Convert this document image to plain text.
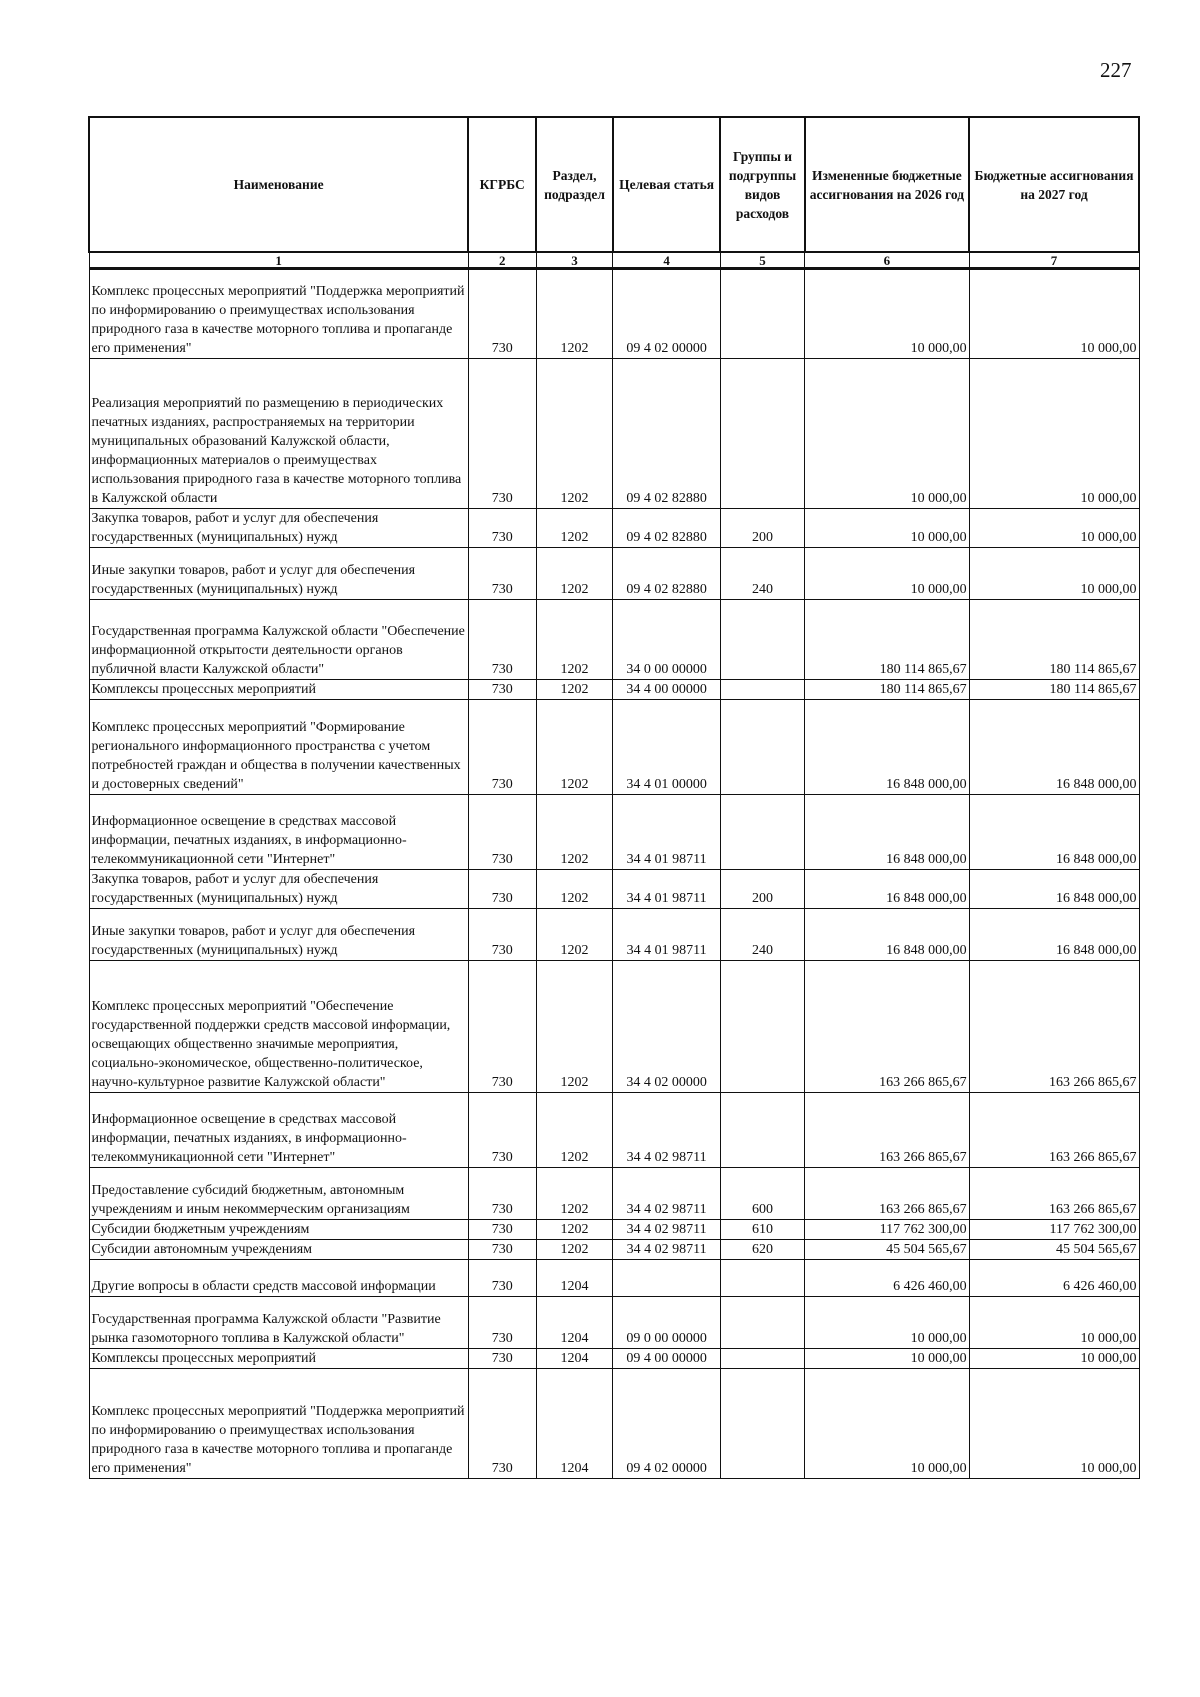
227
Наименование	КГРБС	Раздел, подраздел	Целевая статья	Группы и подгруппы видов расходов	Измененные бюджетные ассигнования на 2026 год	Бюджетные ассигнования на 2027 год
1	2	3	4	5	6	7
Комплекс процессных мероприятий "Поддержка мероприятий по информированию о преимуществах использования природного газа в качестве моторного топлива и пропаганде его применения"	730	1202	09 4 02 00000		10 000,00	10 000,00
Реализация мероприятий по размещению в периодических печатных изданиях, распространяемых на территории муниципальных образований Калужской области, информационных материалов о преимуществах использования природного газа в качестве моторного топлива в Калужской области	730	1202	09 4 02 82880		10 000,00	10 000,00
Закупка товаров, работ и услуг для обеспечения государственных (муниципальных) нужд	730	1202	09 4 02 82880	200	10 000,00	10 000,00
Иные закупки товаров, работ и услуг для обеспечения государственных (муниципальных) нужд	730	1202	09 4 02 82880	240	10 000,00	10 000,00
Государственная программа Калужской области "Обеспечение информационной открытости деятельности органов публичной власти Калужской области"	730	1202	34 0 00 00000		180 114 865,67	180 114 865,67
Комплексы процессных мероприятий	730	1202	34 4 00 00000		180 114 865,67	180 114 865,67
Комплекс процессных мероприятий "Формирование регионального информационного пространства с учетом потребностей граждан и общества в получении качественных и достоверных сведений"	730	1202	34 4 01 00000		16 848 000,00	16 848 000,00
Информационное освещение в средствах массовой информации, печатных изданиях, в информационно-телекоммуникационной сети "Интернет"	730	1202	34 4 01 98711		16 848 000,00	16 848 000,00
Закупка товаров, работ и услуг для обеспечения государственных (муниципальных) нужд	730	1202	34 4 01 98711	200	16 848 000,00	16 848 000,00
Иные закупки товаров, работ и услуг для обеспечения государственных (муниципальных) нужд	730	1202	34 4 01 98711	240	16 848 000,00	16 848 000,00
Комплекс процессных мероприятий "Обеспечение государственной поддержки средств массовой информации, освещающих общественно значимые мероприятия, социально-экономическое, общественно-политическое, научно-культурное развитие Калужской области"	730	1202	34 4 02 00000		163 266 865,67	163 266 865,67
Информационное освещение в средствах массовой информации, печатных изданиях, в информационно-телекоммуникационной сети "Интернет"	730	1202	34 4 02 98711		163 266 865,67	163 266 865,67
Предоставление субсидий бюджетным, автономным учреждениям и иным некоммерческим организациям	730	1202	34 4 02 98711	600	163 266 865,67	163 266 865,67
Субсидии бюджетным учреждениям	730	1202	34 4 02 98711	610	117 762 300,00	117 762 300,00
Субсидии автономным учреждениям	730	1202	34 4 02 98711	620	45 504 565,67	45 504 565,67
Другие вопросы в области средств массовой информации	730	1204			6 426 460,00	6 426 460,00
Государственная программа Калужской области "Развитие рынка газомоторного топлива в Калужской области"	730	1204	09 0 00 00000		10 000,00	10 000,00
Комплексы процессных мероприятий	730	1204	09 4 00 00000		10 000,00	10 000,00
Комплекс процессных мероприятий "Поддержка мероприятий по информированию о преимуществах использования природного газа в качестве моторного топлива и пропаганде его применения"	730	1204	09 4 02 00000		10 000,00	10 000,00
